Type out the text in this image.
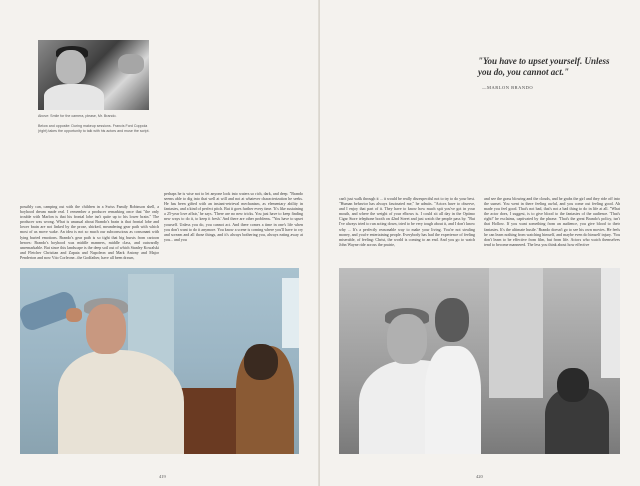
Above: Smile for the camera, please, Mr. Brando.
Below and opposite: During makeup sessions. Francis Ford Coppola (right) takes the opportunity to talk with his actors and muse the script.
possibly can, camping out with the children in a Swiss Family Robinson shell, a boyhood dream made real. I remember a producer remarking once that "the only trouble with Marlon is that his frontal lobe isn't quite up to his lower brain." The producer was wrong. What is unusual about Brando's brain is that frontal lobe and lower brain are not linked by the prose, shirked, meandering gear path with which most of us move wake. An idea is not so much our subconscious as consonant with lying buried emotions. Brando's gear path is so tight that big bursts from cartoon heroes: Brando's boyhood was middle manners, middle class, and outwardly unremarkable. But since this landscape is the deep soil out of which Stanley Kowalski and Fletcher Christian and Zapata and Napoleon and Mark Antony and Major Penderton and now Vito Corleone...the Godfather, have all been drawn,
perhaps he is wise not to let anyone look into waters so rich, dark, and deep. "Brando seems able to dig into that well at will and not at whatever characterization he seeks. He has been gifted with an instant-retrieval mechanism, as elementary ability in fantasies, and a kind of perfect pitch. But it goes further every time. 'It's like sustaining a 25-year love affair,' he says. 'There are no new tricks. You just have to keep finding new ways to do it, to keep it fresh.' And there are other problems. "You have to upset yourself. Unless you do, you cannot act. And there comes a time in one's life when you don't want to do it anymore. You know a scene is coming where you'll have to cry and scream and all those things, and it's always bothering you, always eating away at you... and you
419
"You have to upset yourself. Unless you do, you cannot act."
—MARLON BRANDO
can't just walk through it ... it would be really disrespectful not to try to do your best. "Human behavior has always fascinated me," he admits. "Actors have to observe, and I enjoy that part of it. They have to know how much spit you've got in your mouth, and where the weight of your elbows is. I could sit all day in the Optimo Cigar Store telephone booth on 42nd Street and just watch the people pass by. "But I've always tried to run acting down, tried to be very tough about it, and I don't know why ... It's a perfectly reasonable way to make your living. You're not stealing money, and you're entertaining people. Everybody has had the experience of feeling miserable, of feeling: Christ, the world is coming to an end. And you go to watch John Wayne ride across the prairie,
and see the grass blowing and the clouds, and he grabs the girl and they ride off into the sunset. You went in there feeling awful, and you come out feeling good. Ah made you feel good. That's not bad, that's not a bad thing to do in life at all. "What the actor does, I suggest, is to give blood to the fantasies of the audience. 'That's right!' he exclaims, captivated by the phrase. 'That's the great Brando's policy, isn't that Hollow. If you want something from an audience, you give blood to their fantasies. It's the ultimate hustle.' Brando doesn't go to see his own movies. He feels he can learn nothing from watching himself, and maybe even do himself injury. 'You don't learn to be effective from film, but from life. Actors who watch themselves tend to become mannered. The less you think about how effective
420
